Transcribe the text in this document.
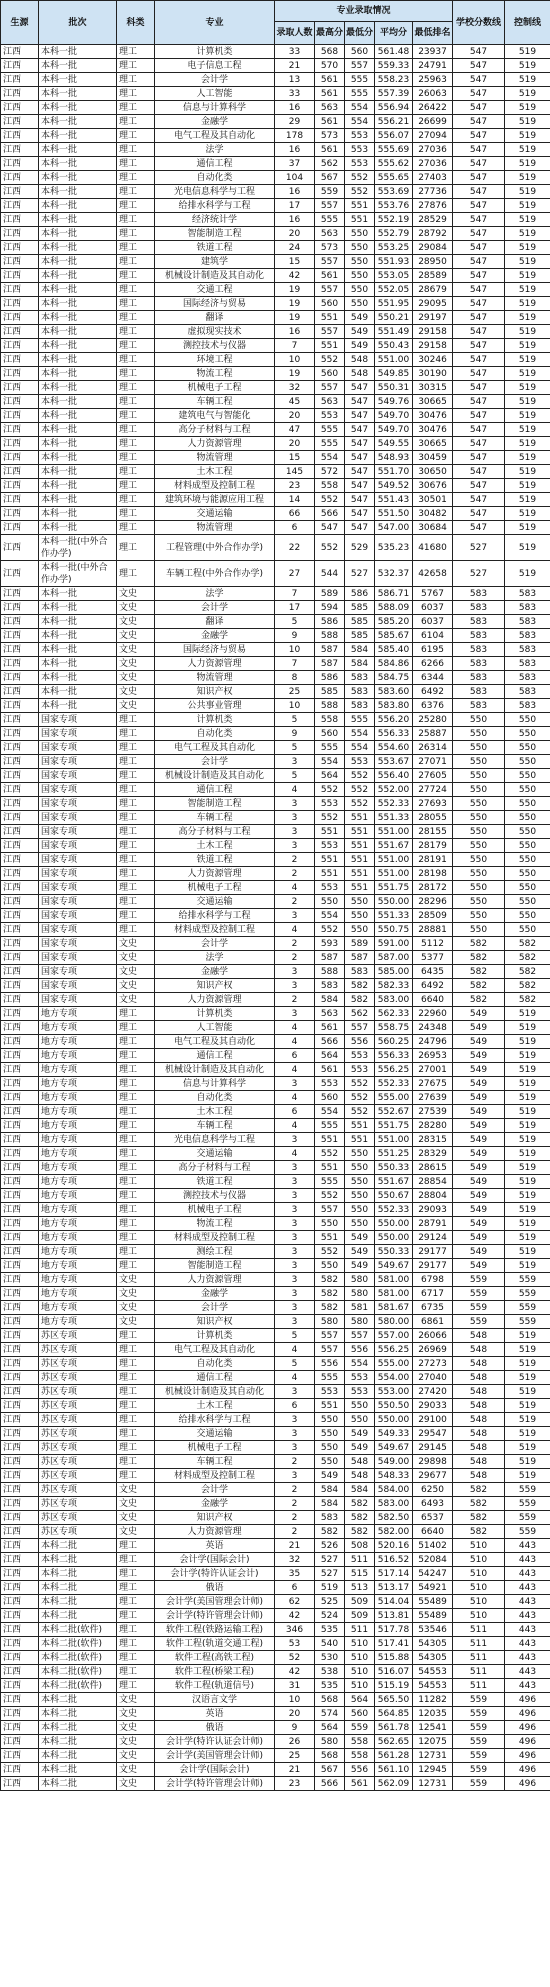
生源	批次	科类	专业	专业录取情况					学校分数线	控制线
				录取人数	最高分	最低分	平均分	最低排名		
江西	本科一批	理工	计算机类	33	568	560	561.48	23937	547	519
江西	本科一批	理工	电子信息工程	21	570	557	559.33	24791	547	519
江西	本科一批	理工	会计学	13	561	555	558.23	25963	547	519
江西	本科一批	理工	人工智能	33	561	555	557.39	26063	547	519
江西	本科一批	理工	信息与计算科学	16	563	554	556.94	26422	547	519
江西	本科一批	理工	金融学	29	561	554	556.21	26699	547	519
江西	本科一批	理工	电气工程及其自动化	178	573	553	556.07	27094	547	519
江西	本科一批	理工	法学	16	561	553	555.69	27036	547	519
江西	本科一批	理工	通信工程	37	562	553	555.62	27036	547	519
江西	本科一批	理工	自动化类	104	567	552	555.65	27403	547	519
江西	本科一批	理工	光电信息科学与工程	16	559	552	553.69	27736	547	519
江西	本科一批	理工	给排水科学与工程	17	557	551	553.76	27876	547	519
江西	本科一批	理工	经济统计学	16	555	551	552.19	28529	547	519
江西	本科一批	理工	智能制造工程	20	563	550	552.79	28792	547	519
江西	本科一批	理工	铁道工程	24	573	550	553.25	29084	547	519
江西	本科一批	理工	建筑学	15	557	550	551.93	28950	547	519
江西	本科一批	理工	机械设计制造及其自动化	42	561	550	553.05	28589	547	519
江西	本科一批	理工	交通工程	19	557	550	552.05	28679	547	519
江西	本科一批	理工	国际经济与贸易	19	560	550	551.95	29095	547	519
江西	本科一批	理工	翻译	19	551	549	550.21	29197	547	519
江西	本科一批	理工	虚拟现实技术	16	557	549	551.49	29158	547	519
江西	本科一批	理工	测控技术与仪器	7	551	549	550.43	29158	547	519
江西	本科一批	理工	环境工程	10	552	548	551.00	30246	547	519
江西	本科一批	理工	物流工程	19	560	548	549.85	30190	547	519
江西	本科一批	理工	机械电子工程	32	557	547	550.31	30315	547	519
江西	本科一批	理工	车辆工程	45	563	547	549.76	30665	547	519
江西	本科一批	理工	建筑电气与智能化	20	553	547	549.70	30476	547	519
江西	本科一批	理工	高分子材料与工程	47	555	547	549.70	30476	547	519
江西	本科一批	理工	人力资源管理	20	555	547	549.55	30665	547	519
江西	本科一批	理工	物流管理	15	554	547	548.93	30459	547	519
江西	本科一批	理工	土木工程	145	572	547	551.70	30650	547	519
江西	本科一批	理工	材料成型及控制工程	23	558	547	549.52	30676	547	519
江西	本科一批	理工	建筑环境与能源应用工程	14	552	547	551.43	30501	547	519
江西	本科一批	理工	交通运输	66	566	547	551.50	30482	547	519
江西	本科一批	理工	物流管理	6	547	547	547.00	30684	547	519
江西	本科一批(中外合作办学)	理工	工程管理(中外合作办学)	22	552	529	535.23	41680	527	519
江西	本科一批(中外合作办学)	理工	车辆工程(中外合作办学)	27	544	527	532.37	42658	527	519
江西	本科一批	文史	法学	7	589	586	586.71	5767	583	583
江西	本科一批	文史	会计学	17	594	585	588.09	6037	583	583
江西	本科一批	文史	翻译	5	586	585	585.20	6037	583	583
江西	本科一批	文史	金融学	9	588	585	585.67	6104	583	583
江西	本科一批	文史	国际经济与贸易	10	587	584	585.40	6195	583	583
江西	本科一批	文史	人力资源管理	7	587	584	584.86	6266	583	583
江西	本科一批	文史	物流管理	8	586	583	584.75	6344	583	583
江西	本科一批	文史	知识产权	25	585	583	583.60	6492	583	583
江西	本科一批	文史	公共事业管理	10	588	583	583.80	6376	583	583
江西	国家专项	理工	计算机类	5	558	555	556.20	25280	550	550
江西	国家专项	理工	自动化类	9	560	554	556.33	25887	550	550
江西	国家专项	理工	电气工程及其自动化	5	555	554	554.60	26314	550	550
江西	国家专项	理工	会计学	3	554	553	553.67	27071	550	550
江西	国家专项	理工	机械设计制造及其自动化	5	564	552	556.40	27605	550	550
江西	国家专项	理工	通信工程	4	552	552	552.00	27724	550	550
江西	国家专项	理工	智能制造工程	3	553	552	552.33	27693	550	550
江西	国家专项	理工	车辆工程	3	552	551	551.33	28055	550	550
江西	国家专项	理工	高分子材料与工程	3	551	551	551.00	28155	550	550
江西	国家专项	理工	土木工程	3	553	551	551.67	28179	550	550
江西	国家专项	理工	铁道工程	2	551	551	551.00	28191	550	550
江西	国家专项	理工	人力资源管理	2	551	551	551.00	28198	550	550
江西	国家专项	理工	机械电子工程	4	553	551	551.75	28172	550	550
江西	国家专项	理工	交通运输	2	550	550	550.00	28296	550	550
江西	国家专项	理工	给排水科学与工程	3	554	550	551.33	28509	550	550
江西	国家专项	理工	材料成型及控制工程	4	552	550	550.75	28881	550	550
江西	国家专项	文史	会计学	2	593	589	591.00	5112	582	582
江西	国家专项	文史	法学	2	587	587	587.00	5377	582	582
江西	国家专项	文史	金融学	3	588	583	585.00	6435	582	582
江西	国家专项	文史	知识产权	3	583	582	582.33	6492	582	582
江西	国家专项	文史	人力资源管理	2	584	582	583.00	6640	582	582
江西	地方专项	理工	计算机类	3	563	562	562.33	22960	549	519
江西	地方专项	理工	人工智能	4	561	557	558.75	24348	549	519
江西	地方专项	理工	电气工程及其自动化	4	566	556	560.25	24796	549	519
江西	地方专项	理工	通信工程	6	564	553	556.33	26953	549	519
江西	地方专项	理工	机械设计制造及其自动化	4	561	553	556.25	27001	549	519
江西	地方专项	理工	信息与计算科学	3	553	552	552.33	27675	549	519
江西	地方专项	理工	自动化类	4	560	552	555.00	27639	549	519
江西	地方专项	理工	土木工程	6	554	552	552.67	27539	549	519
江西	地方专项	理工	车辆工程	4	555	551	551.75	28280	549	519
江西	地方专项	理工	光电信息科学与工程	3	551	551	551.00	28315	549	519
江西	地方专项	理工	交通运输	4	552	550	551.25	28329	549	519
江西	地方专项	理工	高分子材料与工程	3	551	550	550.33	28615	549	519
江西	地方专项	理工	铁道工程	3	555	550	551.67	28854	549	519
江西	地方专项	理工	测控技术与仪器	3	552	550	550.67	28804	549	519
江西	地方专项	理工	机械电子工程	3	557	550	552.33	29093	549	519
江西	地方专项	理工	物流工程	3	550	550	550.00	28791	549	519
江西	地方专项	理工	材料成型及控制工程	3	551	549	550.00	29124	549	519
江西	地方专项	理工	测绘工程	3	552	549	550.33	29177	549	519
江西	地方专项	理工	智能制造工程	3	550	549	549.67	29177	549	519
江西	地方专项	文史	人力资源管理	3	582	580	581.00	6798	559	559
江西	地方专项	文史	金融学	3	582	580	581.00	6717	559	559
江西	地方专项	文史	会计学	3	582	581	581.67	6735	559	559
江西	地方专项	文史	知识产权	3	580	580	580.00	6861	559	559
江西	苏区专项	理工	计算机类	5	557	557	557.00	26066	548	519
江西	苏区专项	理工	电气工程及其自动化	4	557	556	556.25	26969	548	519
江西	苏区专项	理工	自动化类	5	556	554	555.00	27273	548	519
江西	苏区专项	理工	通信工程	4	555	553	554.00	27040	548	519
江西	苏区专项	理工	机械设计制造及其自动化	3	553	553	553.00	27420	548	519
江西	苏区专项	理工	土木工程	6	551	550	550.50	29033	548	519
江西	苏区专项	理工	给排水科学与工程	3	550	550	550.00	29100	548	519
江西	苏区专项	理工	交通运输	3	550	549	549.33	29547	548	519
江西	苏区专项	理工	机械电子工程	3	550	549	549.67	29145	548	519
江西	苏区专项	理工	车辆工程	2	550	548	549.00	29898	548	519
江西	苏区专项	理工	材料成型及控制工程	3	549	548	548.33	29677	548	519
江西	苏区专项	文史	会计学	2	584	584	584.00	6250	582	559
江西	苏区专项	文史	金融学	2	584	582	583.00	6493	582	559
江西	苏区专项	文史	知识产权	2	583	582	582.50	6537	582	559
江西	苏区专项	文史	人力资源管理	2	582	582	582.00	6640	582	559
江西	本科二批	理工	英语	21	526	508	520.16	51402	510	443
江西	本科二批	理工	会计学(国际会计)	32	527	511	516.52	52084	510	443
江西	本科二批	理工	会计学(特许认证会计)	35	527	515	517.14	54247	510	443
江西	本科二批	理工	俄语	6	519	513	513.17	54921	510	443
江西	本科二批	理工	会计学(美国管理会计师)	62	525	509	514.04	55489	510	443
江西	本科二批	理工	会计学(特许管理会计师)	42	524	509	513.81	55489	510	443
江西	本科二批(软件)	理工	软件工程(铁路运输工程)	346	535	511	517.78	53546	511	443
江西	本科二批(软件)	理工	软件工程(轨道交通工程)	53	540	510	517.41	54305	511	443
江西	本科二批(软件)	理工	软件工程(高铁工程)	52	530	510	515.88	54305	511	443
江西	本科二批(软件)	理工	软件工程(桥梁工程)	42	538	510	516.07	54553	511	443
江西	本科二批(软件)	理工	软件工程(轨道信号)	31	535	510	515.19	54553	511	443
江西	本科二批	文史	汉语言文学	10	568	564	565.50	11282	559	496
江西	本科二批	文史	英语	20	574	560	564.85	12035	559	496
江西	本科二批	文史	俄语	9	564	559	561.78	12541	559	496
江西	本科二批	文史	会计学(特许认证会计师)	26	580	558	562.65	12075	559	496
江西	本科二批	文史	会计学(美国管理会计师)	25	568	558	561.28	12731	559	496
江西	本科二批	文史	会计学(国际会计)	21	567	556	561.10	12945	559	496
江西	本科二批	文史	会计学(特许管理会计师)	23	566	561	562.09	12731	559	496
